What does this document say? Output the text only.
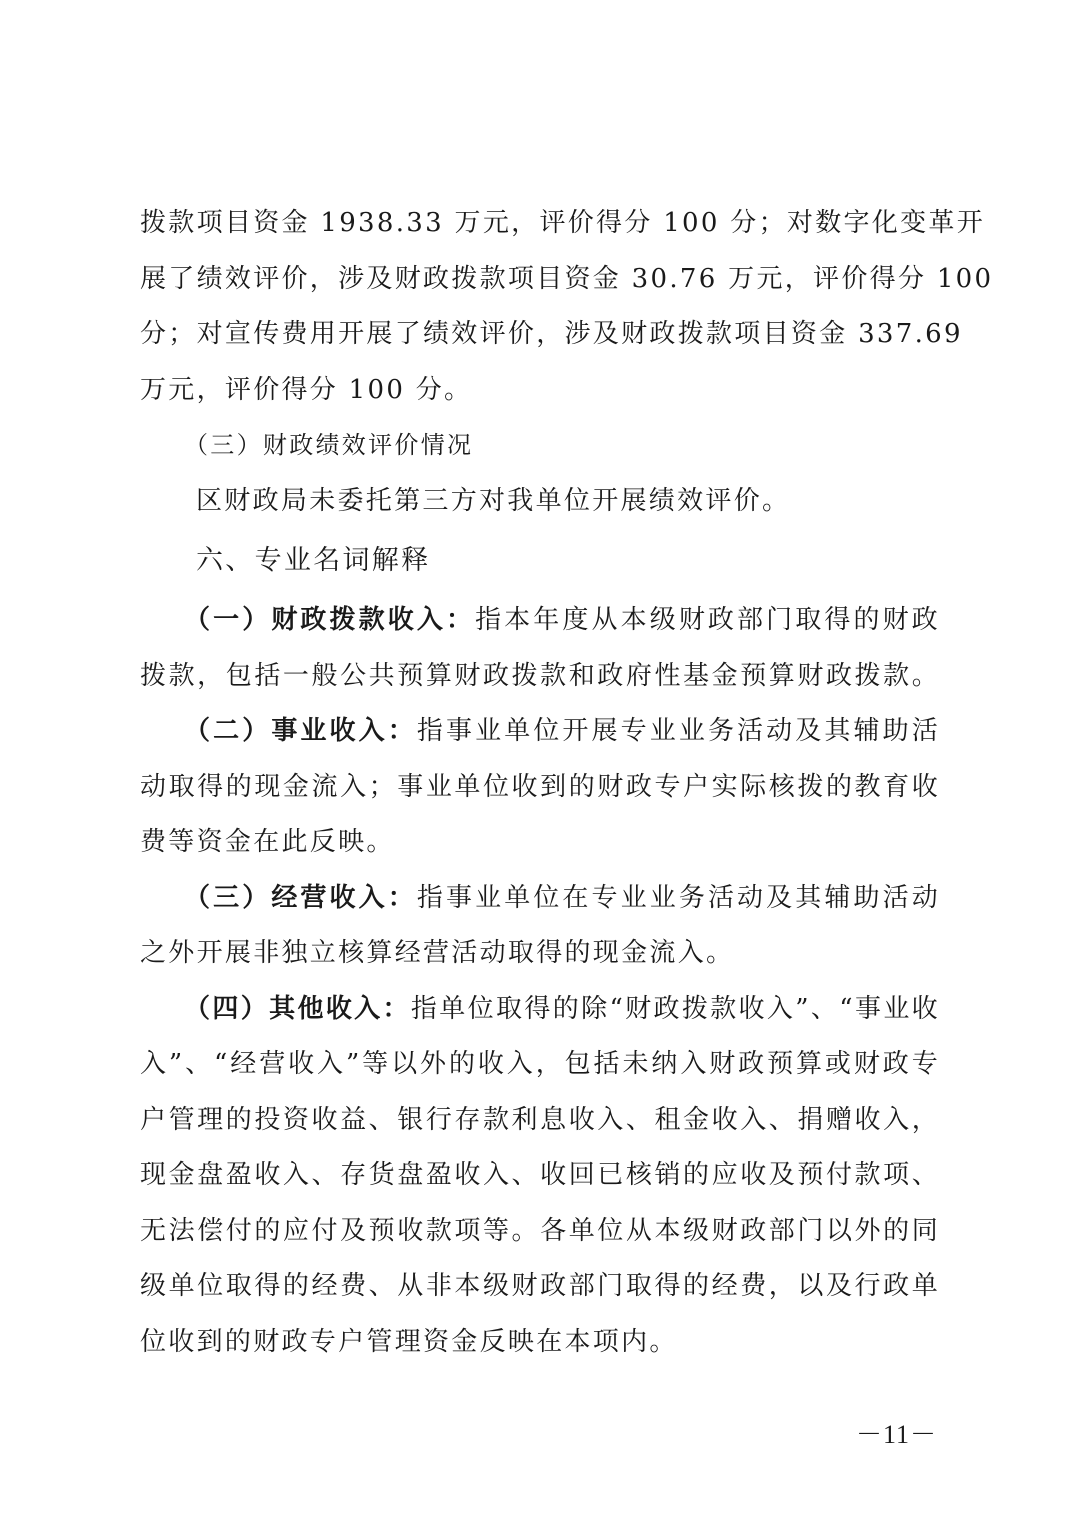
拨款项目资金 1938.33 万元，评价得分 100 分；对数字化变革开
展了绩效评价，涉及财政拨款项目资金 30.76 万元，评价得分 100
分；对宣传费用开展了绩效评价，涉及财政拨款项目资金 337.69
万元，评价得分 100 分。
（三）财政绩效评价情况
区财政局未委托第三方对我单位开展绩效评价。
六、专业名词解释
（一）财政拨款收入：指本年度从本级财政部门取得的财政
拨款，包括一般公共预算财政拨款和政府性基金预算财政拨款。
（二）事业收入：指事业单位开展专业业务活动及其辅助活
动取得的现金流入；事业单位收到的财政专户实际核拨的教育收
费等资金在此反映。
（三）经营收入：指事业单位在专业业务活动及其辅助活动
之外开展非独立核算经营活动取得的现金流入。
（四）其他收入：指单位取得的除“财政拨款收入”、“事业收
入”、“经营收入”等以外的收入，包括未纳入财政预算或财政专
户管理的投资收益、银行存款利息收入、租金收入、捐赠收入，
现金盘盈收入、存货盘盈收入、收回已核销的应收及预付款项、
无法偿付的应付及预收款项等。各单位从本级财政部门以外的同
级单位取得的经费、从非本级财政部门取得的经费，以及行政单
位收到的财政专户管理资金反映在本项内。
－11－
